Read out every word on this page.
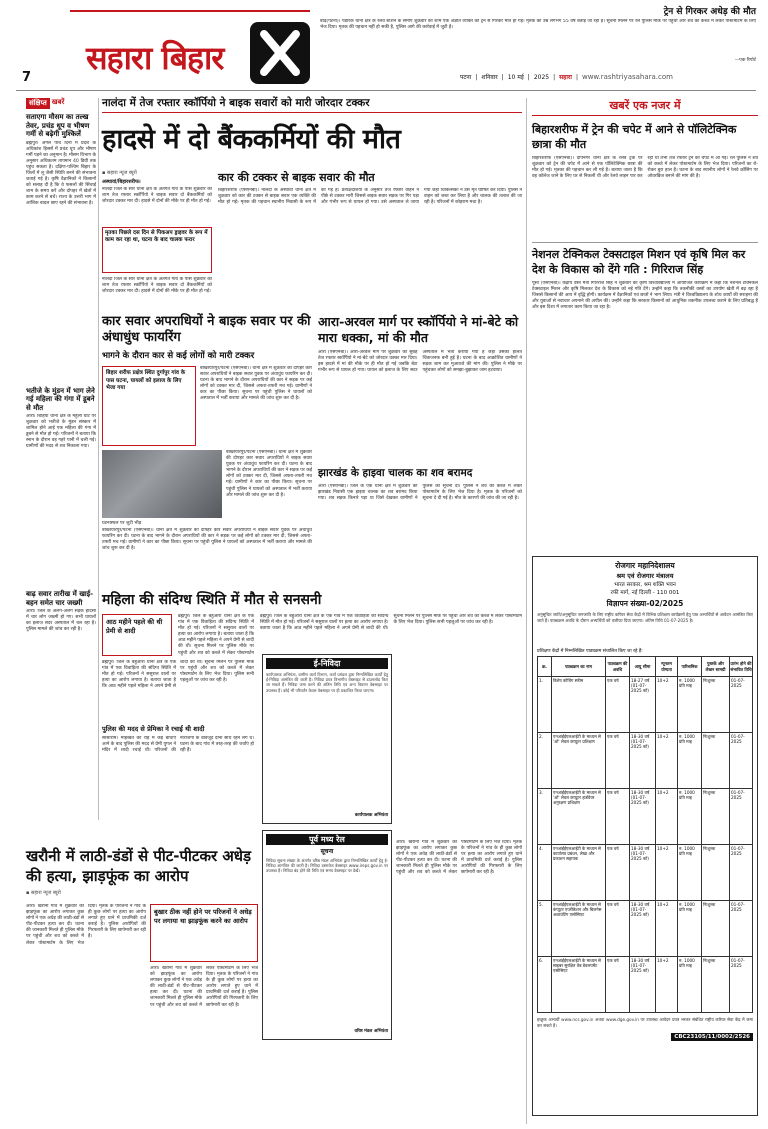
सहारा बिहार
7
ट्रेन से गिरकर अधेड़ की मौत
बाढ़(पटना)। पंडारक थाना क्षेत्र के रेलवे स्टेशन के समीप शुक्रवार की शाम एक अज्ञात व्यक्ति की ट्रेन से गिरकर मौत हो गई। मृतक की उम्र लगभग 55 वर्ष बताई जा रही है। सूचना मिलने पर रेल पुलिस मौके पर पहुंची और शव को कब्जे में लेकर पोस्टमार्टम के लिए भेज दिया। मृतक की पहचान नहीं हो सकी है, पुलिस आगे की कार्रवाई में जुटी है।
—एक रिपोर्ट
पटना | शनिवार | 10 मई | 2025 | सहारा | www.rashtriyasahara.com
संक्षिप्त खबरें
सताएगा मौसम का तल्ख तेवर, प्रचंड धूप व भीषण गर्मी से बढ़ेगी मुश्किलें
ब्रह्मपुर। अगले पांच दिनों में प्रदेश के अधिकांश हिस्सों में प्रचंड धूप और भीषण गर्मी पड़ने का अनुमान है। मौसम विभाग के अनुसार अधिकतम तापमान 40 डिग्री तक पहुंच सकता है। दक्षिण-पश्चिम बिहार के जिलों में लू जैसी स्थिति बनने की संभावना जताई गई है। कृषि वैज्ञानिकों ने किसानों को सलाह दी है कि वे फसलों की सिंचाई शाम के समय करें और दोपहर में खेतों में काम करने से बचें। राज्य के उत्तरी भाग में आंशिक बादल छाए रहने की संभावना है।
भतीजे के मुंडन में भाग लेने गई महिला की गंगा में डूबने से मौत
आरा। बिहिया थाना क्षेत्र के महुली घाट पर शुक्रवार को भतीजे के मुंडन संस्कार में शामिल होने आई एक महिला की गंगा में डूबने से मौत हो गई। परिजनों ने बताया कि स्नान के दौरान वह गहरे पानी में चली गई। ग्रामीणों की मदद से शव निकाला गया।
बाढ़ सवार तारीख में खाई-बहन समेत चार जख्मी
आरा। जिले के अलग-अलग सड़क हादसों में चार लोग जख्मी हो गए। सभी घायलों का इलाज सदर अस्पताल में चल रहा है। पुलिस मामले की जांच कर रही है।
नालंदा में तेज रफ्तार स्कॉर्पियो ने बाइक सवारों को मारी जोरदार टक्कर
हादसे में दो बैंककर्मियों की मौत
▪ सहारा न्यूज ब्यूरो
अस्थावां/बिहारशरीफ।
नालंदा जिले के सारे थाना क्षेत्र के अंतर्गत गांव के पास शुक्रवार की शाम तेज रफ्तार स्कॉर्पियो ने बाइक सवार दो बैंककर्मियों को जोरदार टक्कर मार दी। हादसे में दोनों की मौके पर ही मौत हो गई।
मृतका पिछले दस दिन से पिकअप ड्राइवर के रूप में काम कर रहा था, घटना के बाद चालक फरार
नालंदा जिले के सारे थाना क्षेत्र के अंतर्गत गांव के पास शुक्रवार की शाम तेज रफ्तार स्कॉर्पियो ने बाइक सवार दो बैंककर्मियों को जोरदार टक्कर मार दी। हादसे में दोनों की मौके पर ही मौत हो गई।
कार की टक्कर से बाइक सवार की मौत
बिहारशरीफ (एसएनबी)। नालंदा के अस्थावां थाना क्षेत्र में शुक्रवार को कार की टक्कर से बाइक सवार एक व्यक्ति की मौत हो गई। मृतक की पहचान स्थानीय निवासी के रूप में की गई है। प्रत्यक्षदर्शियों के अनुसार तेज रफ्तार वाहन ने पीछे से टक्कर मारी जिससे बाइक सवार सड़क पर गिर पड़ा और गंभीर रूप से घायल हो गया। उसे अस्पताल ले जाया गया जहां चिकित्सकों ने उसे मृत घोषित कर दिया। पुलिस ने वाहन को जब्त कर लिया है और चालक की तलाश की जा रही है। परिजनों में कोहराम मचा है।
कार सवार अपराधियों ने बाइक सवार पर की अंधाधुंध फायरिंग
भागने के दौरान कार से कई लोगों को मारी टक्कर
बिहार शरीफ प्रक्षेत्र स्थित दुर्गापुर गांव के पास घटना, घायलों को इलाज के लिए भेजा गया
बख्तियारपुर/पटना (एसएनबी)। थाना क्षेत्र में शुक्रवार की दोपहर कार सवार अपराधियों ने बाइक सवार युवक पर अंधाधुंध फायरिंग कर दी। घटना के बाद भागने के दौरान अपराधियों की कार ने सड़क पर कई लोगों को टक्कर मार दी, जिससे अफरा-तफरी मच गई। ग्रामीणों ने कार का पीछा किया। सूचना पर पहुंची पुलिस ने घायलों को अस्पताल में भर्ती कराया और मामले की जांच शुरू कर दी है।
घटनास्थल पर जुटी भीड़
बख्तियारपुर/पटना (एसएनबी)। थाना क्षेत्र में शुक्रवार की दोपहर कार सवार अपराधियों ने बाइक सवार युवक पर अंधाधुंध फायरिंग कर दी। घटना के बाद भागने के दौरान अपराधियों की कार ने सड़क पर कई लोगों को टक्कर मार दी, जिससे अफरा-तफरी मच गई। ग्रामीणों ने कार का पीछा किया। सूचना पर पहुंची पुलिस ने घायलों को अस्पताल में भर्ती कराया और मामले की जांच शुरू कर दी है।
बख्तियारपुर/पटना (एसएनबी)। थाना क्षेत्र में शुक्रवार की दोपहर कार सवार अपराधियों ने बाइक सवार युवक पर अंधाधुंध फायरिंग कर दी। घटना के बाद भागने के दौरान अपराधियों की कार ने सड़क पर कई लोगों को टक्कर मार दी, जिससे अफरा-तफरी मच गई। ग्रामीणों ने कार का पीछा किया। सूचना पर पहुंची पुलिस ने घायलों को अस्पताल में भर्ती कराया और मामले की जांच शुरू कर दी है।
आरा-अरवल मार्ग पर स्कॉर्पियो ने मां-बेटे को मारा धक्का, मां की मौत
आरा (एसएनबी)। आरा-अरवल मार्ग पर शुक्रवार की सुबह तेज रफ्तार स्कॉर्पियो ने मां-बेटे को जोरदार धक्का मार दिया। इस हादसे में मां की मौके पर ही मौत हो गई जबकि बेटा गंभीर रूप से घायल हो गया। घायल को इलाज के लिए सदर अस्पताल में भर्ती कराया गया है जहां उसकी हालत चिंताजनक बनी हुई है। घटना के बाद आक्रोशित ग्रामीणों ने सड़क जाम कर मुआवजे की मांग की। पुलिस ने मौके पर पहुंचकर लोगों को समझा-बुझाकर जाम हटवाया।
झारखंड के हाइवा चालक का शव बरामद
आरा (एसएनबी)। जिले के एक थाना क्षेत्र में शुक्रवार को झारखंड निवासी एक हाइवा चालक का शव बरामद किया गया। शव सड़क किनारे पड़ा था जिसे देखकर ग्रामीणों ने पुलिस को सूचना दी। पुलिस ने शव को कब्जे में लेकर पोस्टमार्टम के लिए भेज दिया है। मृतक के परिजनों को सूचना दे दी गई है। मौत के कारणों की जांच की जा रही है।
महिला की संदिग्ध स्थिति में मौत से सनसनी
आठ महीने पहले की थी प्रेमी से शादी
ब्रह्मपुर। जिले के बहुआरा थाना क्षेत्र के एक गांव में एक विवाहिता की संदिग्ध स्थिति में मौत हो गई। परिजनों ने ससुराल वालों पर हत्या का आरोप लगाया है। बताया जाता है कि आठ महीने पहले महिला ने अपने प्रेमी से शादी की थी। सूचना मिलने पर पुलिस मौके पर पहुंची और शव को कब्जे में लेकर पोस्टमार्टम
ब्रह्मपुर। जिले के बहुआरा थाना क्षेत्र के एक गांव में एक विवाहिता की संदिग्ध स्थिति में मौत हो गई। परिजनों ने ससुराल वालों पर हत्या का आरोप लगाया है। बताया जाता है कि आठ महीने पहले महिला ने अपने प्रेमी से शादी की थी। सूचना मिलने पर पुलिस मौके पर पहुंची और शव को कब्जे में लेकर पोस्टमार्टम के लिए भेज दिया। पुलिस सभी पहलुओं पर जांच कर रही है।
पुलिस की मदद से प्रेमिका ने रचाई थी शादी
सासाराम। मोहब्बत की राह में कई बाधाएं आने के बाद पुलिस की मदद से प्रेमी युगल ने मंदिर में शादी रचाई थी। परिजनों की नाराजगी के बावजूद दोनों साथ रहने लगे थे। घटना के बाद गांव में तरह-तरह की चर्चाएं हो रही हैं।
ब्रह्मपुर। जिले के बहुआरा थाना क्षेत्र के एक गांव में एक विवाहिता की संदिग्ध स्थिति में मौत हो गई। परिजनों ने ससुराल वालों पर हत्या का आरोप लगाया है। बताया जाता है कि आठ महीने पहले महिला ने अपने प्रेमी से शादी की थी। सूचना मिलने पर पुलिस मौके पर पहुंची और शव को कब्जे में लेकर पोस्टमार्टम के लिए भेज दिया। पुलिस सभी पहलुओं पर जांच कर रही है।
ई-निविदा
कार्यपालक अभियंता, ग्रामीण कार्य विभाग, कार्य प्रमंडल द्वारा निम्नलिखित कार्यों हेतु ई-निविदा आमंत्रित की जाती है। निविदा प्रपत्र विभागीय वेबसाइट से डाउनलोड किए जा सकते हैं। निविदा जमा करने की अंतिम तिथि एवं अन्य विवरण वेबसाइट पर उपलब्ध हैं। कोई भी परिवर्तन केवल वेबसाइट पर ही प्रकाशित किया जाएगा।
कार्यपालक अभियंता
पूर्व मध्य रेल
सूचना
निविदा सूचना संख्या के अंतर्गत वरिष्ठ मंडल अभियंता द्वारा निम्नलिखित कार्यों हेतु ई-निविदा आमंत्रित की जाती है। निविदा दस्तावेज वेबसाइट www.ireps.gov.in पर उपलब्ध हैं। निविदा बंद होने की तिथि एवं समय वेबसाइट पर देखें।
वरिष्ठ मंडल अभियंता
खरौनी में लाठी-डंडों से पीट-पीटकर अधेड़ की हत्या, झाड़फूंक का आरोप
▪ सहारा न्यूज ब्यूरो
आरा। खरौनी गांव में शुक्रवार को झाड़फूंक का आरोप लगाकर कुछ लोगों ने एक अधेड़ की लाठी-डंडों से पीट-पीटकर हत्या कर दी। घटना की जानकारी मिलते ही पुलिस मौके पर पहुंची और शव को कब्जे में लेकर पोस्टमार्टम के लिए भेज दिया। मृतक के परिजनों ने गांव के ही कुछ लोगों पर हत्या का आरोप लगाते हुए थाने में प्राथमिकी दर्ज कराई है। पुलिस आरोपियों की गिरफ्तारी के लिए छापेमारी कर रही है।
बुखार ठीक नहीं होने पर परिजनों ने अधेड़ पर लगाया था झाड़फूंक करने का आरोप
आरा। खरौनी गांव में शुक्रवार को झाड़फूंक का आरोप लगाकर कुछ लोगों ने एक अधेड़ की लाठी-डंडों से पीट-पीटकर हत्या कर दी। घटना की जानकारी मिलते ही पुलिस मौके पर पहुंची और शव को कब्जे में लेकर पोस्टमार्टम के लिए भेज दिया। मृतक के परिजनों ने गांव के ही कुछ लोगों पर हत्या का आरोप लगाते हुए थाने में प्राथमिकी दर्ज कराई है। पुलिस आरोपियों की गिरफ्तारी के लिए छापेमारी कर रही है।
आरा। खरौनी गांव में शुक्रवार को झाड़फूंक का आरोप लगाकर कुछ लोगों ने एक अधेड़ की लाठी-डंडों से पीट-पीटकर हत्या कर दी। घटना की जानकारी मिलते ही पुलिस मौके पर पहुंची और शव को कब्जे में लेकर पोस्टमार्टम के लिए भेज दिया। मृतक के परिजनों ने गांव के ही कुछ लोगों पर हत्या का आरोप लगाते हुए थाने में प्राथमिकी दर्ज कराई है। पुलिस आरोपियों की गिरफ्तारी के लिए छापेमारी कर रही है।
खबरें एक नजर में
बिहारशरीफ में ट्रेन की चपेट में आने से पॉलिटेक्निक छात्रा की मौत
बिहारशरीफ (एसएनबी)। दीपनगर थाना क्षेत्र के रेलवे ट्रैक पर शुक्रवार को ट्रेन की चपेट में आने से एक पॉलिटेक्निक छात्रा की मौत हो गई। मृतका की पहचान कर ली गई है। बताया जाता है कि वह कॉलेज जाने के लिए घर से निकली थी और रेलवे लाइन पार कर रही थी तभी तेज रफ्तार ट्रेन की चपेट में आ गई। रेल पुलिस ने शव को कब्जे में लेकर पोस्टमार्टम के लिए भेज दिया। परिजनों का रो-रोकर बुरा हाल है। घटना के बाद स्थानीय लोगों ने रेलवे क्रॉसिंग पर ओवरब्रिज बनाने की मांग की है।
नेशनल टेक्निकल टेक्सटाइल मिशन एवं कृषि मिल कर देश के विकास को देंगे गति : गिरिराज सिंह
पूसा (एसएनबी)। केंद्रीय वस्त्र मंत्री गिरिराज सिंह ने शुक्रवार को कृषि विश्वविद्यालय में आयोजित कार्यक्रम में कहा कि नेशनल टेक्निकल टेक्सटाइल मिशन और कृषि मिलकर देश के विकास को नई गति देंगे। उन्होंने कहा कि तकनीकी वस्त्रों का उपयोग खेती में बढ़ रहा है जिससे किसानों की आय में वृद्धि होगी। कार्यक्रम में वैज्ञानिकों एवं छात्रों ने भाग लिया। मंत्री ने विश्वविद्यालय के शोध कार्यों की सराहना की और युवाओं से नवाचार अपनाने की अपील की। उन्होंने कहा कि सरकार किसानों को आधुनिक तकनीक उपलब्ध कराने के लिए प्रतिबद्ध है और इस दिशा में लगातार काम किया जा रहा है।
रोजगार महानिदेशालय
श्रम एवं रोजगार मंत्रालय
भारत सरकार, श्रम शक्ति भवन
रफी मार्ग, नई दिल्ली - 110 001
विज्ञापन संख्या-02/2025
अनुसूचित जाति/अनुसूचित जनजाति के लिए राष्ट्रीय करियर सेवा केंद्रों में विभिन्न प्रशिक्षण कार्यक्रमों हेतु पात्र अभ्यर्थियों से आवेदन आमंत्रित किए जाते हैं। पाठ्यक्रम अवधि के दौरान अभ्यर्थियों को वजीफा दिया जाएगा। अंतिम तिथि 01-07-2025 है।
प्रशिक्षण केंद्रों में निम्नलिखित पाठ्यक्रम संचालित किए जा रहे हैं:
क्र.	पाठ्यक्रम का नाम	पाठ्यक्रम की अवधि	आयु सीमा	न्यूनतम योग्यता	पारिश्रमिक	पुस्तकें और लेखन सामग्री	प्रारंभ होने की संभावित तिथि
1.	विशेष कोचिंग स्कीम	एक वर्ष	18-27 वर्ष (01-07-2025 को)	10+2	रु. 1000 प्रति माह	निःशुल्क	01-07-2025
2.	एनआईईएलआईटी के माध्यम से 'ओ' लेवल कंप्यूटर प्रशिक्षण	एक वर्ष	18-30 वर्ष (01-07-2025 को)	10+2	रु. 1000 प्रति माह	निःशुल्क	01-07-2025
3.	एनआईईएलआईटी के माध्यम से 'ओ' लेवल कंप्यूटर हार्डवेयर अनुरक्षण प्रशिक्षण	एक वर्ष	18-30 वर्ष (01-07-2025 को)	10+2	रु. 1000 प्रति माह	निःशुल्क	01-07-2025
4.	एनआईईएलआईटी के माध्यम से कार्यालय प्रबंधन, लेखा और प्रकाशन सहायक	एक वर्ष	18-30 वर्ष (01-07-2025 को)	10+2	रु. 1000 प्रति माह	निःशुल्क	01-07-2025
5.	एनआईईएलआईटी के माध्यम से कंप्यूटर एप्लीकेशन और बिजनेस अकाउंटिंग एसोसिएट	एक वर्ष	18-30 वर्ष (01-07-2025 को)	10+2	रु. 1000 प्रति माह	निःशुल्क	01-07-2025
6.	एनआईईएलआईटी के माध्यम से साइबर सुरक्षित वेब डेवलपमेंट एसोसिएट	एक वर्ष	18-30 वर्ष (01-07-2025 को)	10+2	रु. 1000 प्रति माह	निःशुल्क	01-07-2025
इच्छुक अभ्यर्थी www.ncs.gov.in अथवा www.dge.gov.in पर उपलब्ध आवेदन प्रपत्र भरकर संबंधित राष्ट्रीय करियर सेवा केंद्र में जमा कर सकते हैं।
CBC23105/11/0002/2526
